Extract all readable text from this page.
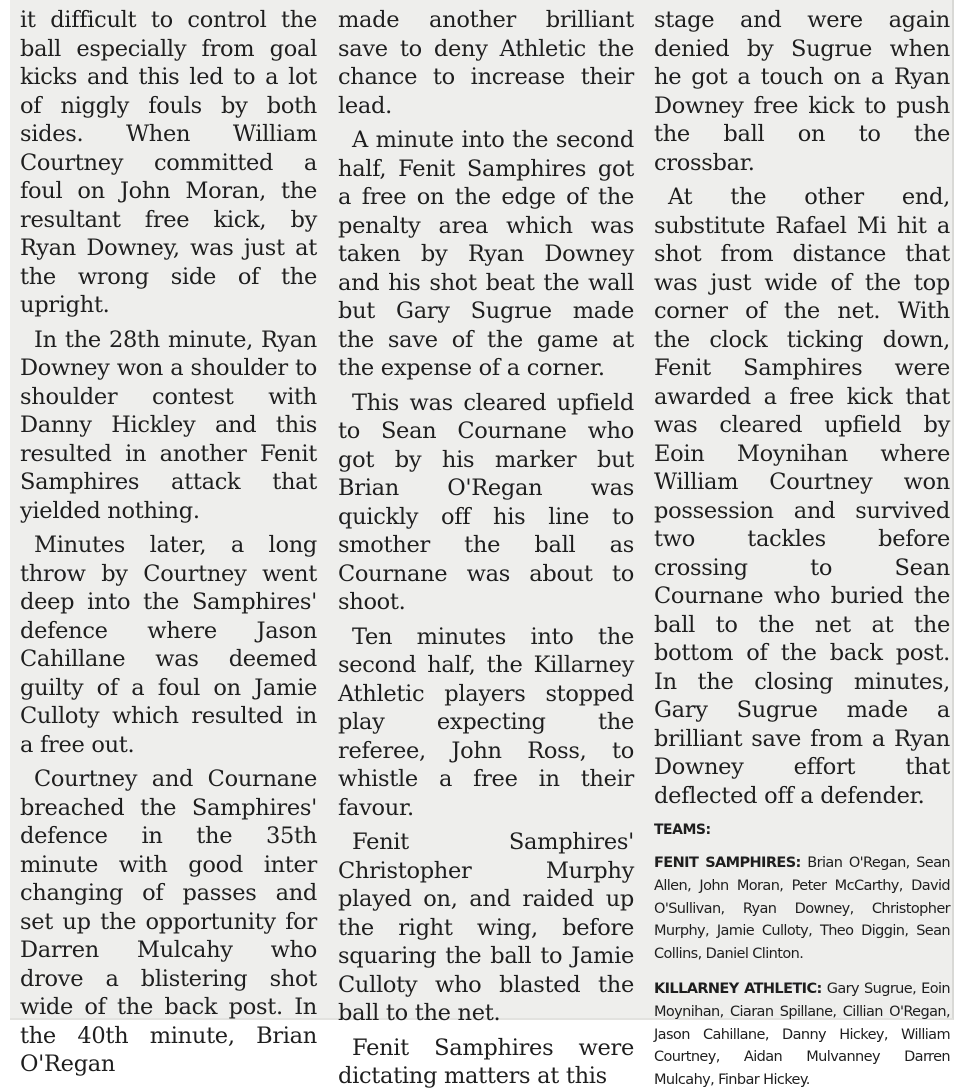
it difficult to control the ball especially from goal kicks and this led to a lot of niggly fouls by both sides. When William Courtney committed a foul on John Moran, the resultant free kick, by Ryan Downey, was just at the wrong side of the upright.

In the 28th minute, Ryan Downey won a shoulder to shoulder contest with Danny Hickley and this resulted in another Fenit Samphires attack that yielded nothing.

Minutes later, a long throw by Courtney went deep into the Samphires' defence where Jason Cahillane was deemed guilty of a foul on Jamie Culloty which resulted in a free out.

Courtney and Cournane breached the Samphires' defence in the 35th minute with good inter changing of passes and set up the opportunity for Darren Mulcahy who drove a blistering shot wide of the back post. In the 40th minute, Brian O'Regan

made another brilliant save to deny Athletic the chance to increase their lead.

A minute into the second half, Fenit Samphires got a free on the edge of the penalty area which was taken by Ryan Downey and his shot beat the wall but Gary Sugrue made the save of the game at the expense of a corner.

This was cleared upfield to Sean Cournane who got by his marker but Brian O'Regan was quickly off his line to smother the ball as Cournane was about to shoot.

Ten minutes into the second half, the Killarney Athletic players stopped play expecting the referee, John Ross, to whistle a free in their favour.

Fenit Samphires' Christopher Murphy played on, and raided up the right wing, before squaring the ball to Jamie Culloty who blasted the ball to the net.

Fenit Samphires were dictating matters at this

stage and were again denied by Sugrue when he got a touch on a Ryan Downey free kick to push the ball on to the crossbar.

At the other end, substitute Rafael Mi hit a shot from distance that was just wide of the top corner of the net. With the clock ticking down, Fenit Samphires were awarded a free kick that was cleared upfield by Eoin Moynihan where William Courtney won possession and survived two tackles before crossing to Sean Cournane who buried the ball to the net at the bottom of the back post. In the closing minutes, Gary Sugrue made a brilliant save from a Ryan Downey effort that deflected off a defender.

TEAMS:
FENIT SAMPHIRES: Brian O'Regan, Sean Allen, John Moran, Peter McCarthy, David O'Sullivan, Ryan Downey, Christopher Murphy, Jamie Culloty, Theo Diggin, Sean Collins, Daniel Clinton.
KILLARNEY ATHLETIC: Gary Sugrue, Eoin Moynihan, Ciaran Spillane, Cillian O'Regan, Jason Cahillane, Danny Hickey, William Courtney, Aidan Mulvanney Darren Mulcahy, Finbar Hickey.
